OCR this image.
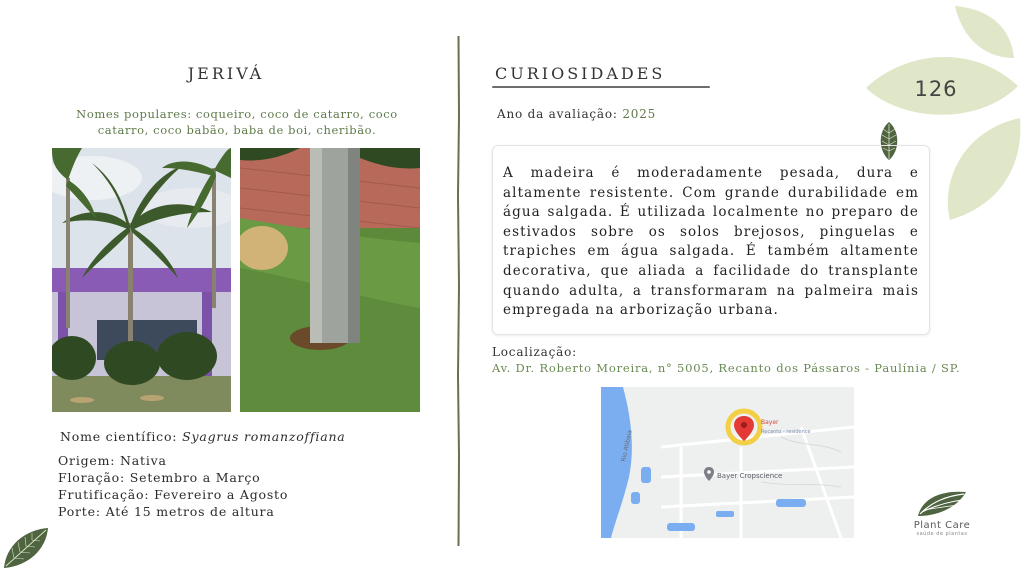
126
JERIVÁ
Nomes populares: coqueiro, coco de catarro, coco catarro, coco babão, baba de boi, cheribão.
Nome científico: Syagrus romanzoffiana
Origem: Nativa
Floração: Setembro a Março
Frutificação: Fevereiro a Agosto
Porte: Até 15 metros de altura
CURIOSIDADES
Ano da avaliação: 2025

A madeira é moderadamente pesada, dura e altamente resistente. Com grande durabilidade em água salgada. É utilizada localmente no preparo de estivados sobre os solos brejosos, pinguelas e trapiches em água salgada. É também altamente decorativa, que aliada a facilidade do transplante quando adulta, a transformaram na palmeira mais empregada na arborização urbana.

Localização:
Av. Dr. Roberto Moreira, n° 5005, Recanto dos Pássaros - Paulínia / SP.
Rio Atibaia
Bayer
Recanto - residence
Bayer Cropscience
Plant Care
saúde de plantas
